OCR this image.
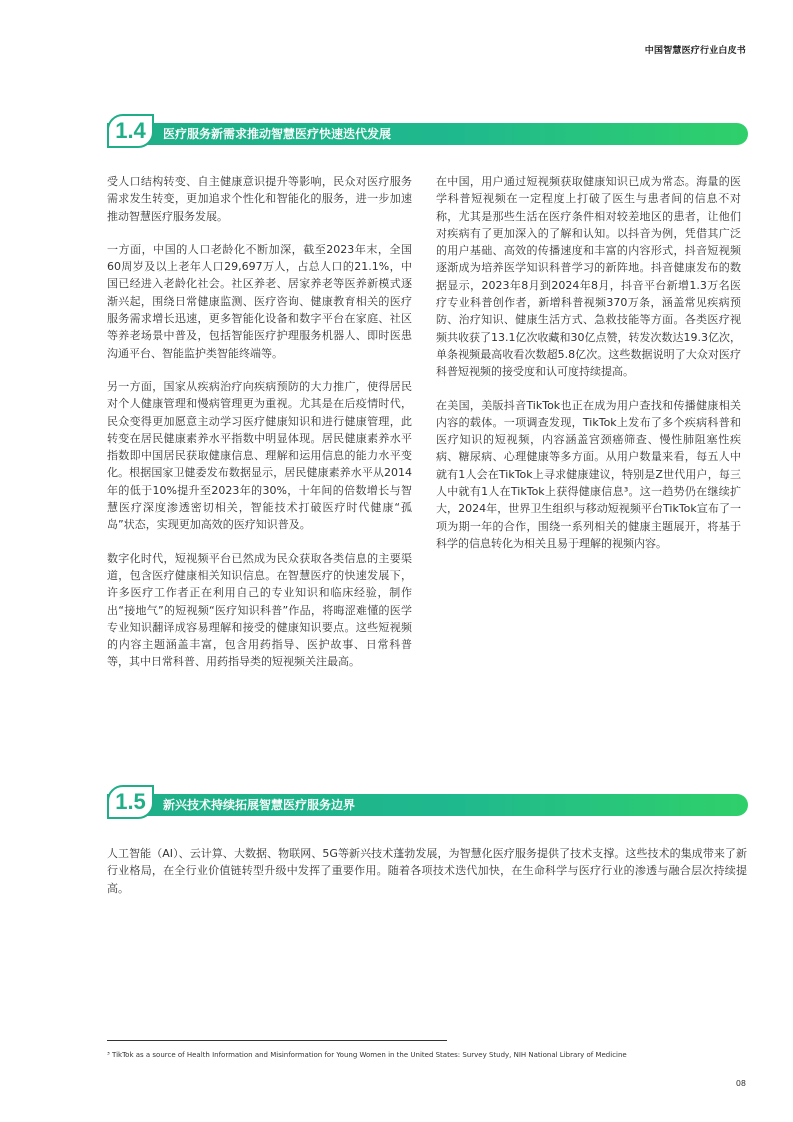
中国智慧医疗行业白皮书
1.4	医疗服务新需求推动智慧医疗快速迭代发展

受人口结构转变、自主健康意识提升等影响，民众对医疗服务需求发生转变，更加追求个性化和智能化的服务，进一步加速推动智慧医疗服务发展。

一方面，中国的人口老龄化不断加深，截至2023年末，全国60周岁及以上老年人口29,697万人，占总人口的21.1%，中国已经进入老龄化社会。社区养老、居家养老等医养新模式逐渐兴起，围绕日常健康监测、医疗咨询、健康教育相关的医疗服务需求增长迅速，更多智能化设备和数字平台在家庭、社区等养老场景中普及，包括智能医疗护理服务机器人、即时医患沟通平台、智能监护类智能终端等。

另一方面，国家从疾病治疗向疾病预防的大力推广，使得居民对个人健康管理和慢病管理更为重视。尤其是在后疫情时代，民众变得更加愿意主动学习医疗健康知识和进行健康管理，此转变在居民健康素养水平指数中明显体现。居民健康素养水平指数即中国居民获取健康信息、理解和运用信息的能力水平变化。根据国家卫健委发布数据显示，居民健康素养水平从2014年的低于10%提升至2023年的30%，十年间的倍数增长与智慧医疗深度渗透密切相关，智能技术打破医疗时代健康“孤岛”状态，实现更加高效的医疗知识普及。

数字化时代，短视频平台已然成为民众获取各类信息的主要渠道，包含医疗健康相关知识信息。在智慧医疗的快速发展下，许多医疗工作者正在利用自己的专业知识和临床经验，制作出“接地气”的短视频“医疗知识科普”作品，将晦涩难懂的医学专业知识翻译成容易理解和接受的健康知识要点。这些短视频的内容主题涵盖丰富，包含用药指导、医护故事、日常科普等，其中日常科普、用药指导类的短视频关注最高。

在中国，用户通过短视频获取健康知识已成为常态。海量的医学科普短视频在一定程度上打破了医生与患者间的信息不对称，尤其是那些生活在医疗条件相对较差地区的患者，让他们对疾病有了更加深入的了解和认知。以抖音为例，凭借其广泛的用户基础、高效的传播速度和丰富的内容形式，抖音短视频逐渐成为培养医学知识科普学习的新阵地。抖音健康发布的数据显示，2023年8月到2024年8月，抖音平台新增1.3万名医疗专业科普创作者，新增科普视频370万条，涵盖常见疾病预防、治疗知识、健康生活方式、急救技能等方面。各类医疗视频共收获了13.1亿次收藏和30亿点赞，转发次数达19.3亿次，单条视频最高收看次数超5.8亿次。这些数据说明了大众对医疗科普短视频的接受度和认可度持续提高。

在美国，美版抖音TikTok也正在成为用户查找和传播健康相关内容的载体。一项调查发现，TikTok上发布了多个疾病科普和医疗知识的短视频，内容涵盖宫颈癌筛查、慢性肺阻塞性疾病、糖尿病、心理健康等多方面。从用户数量来看，每五人中就有1人会在TikTok上寻求健康建议，特别是Z世代用户，每三人中就有1人在TikTok上获得健康信息³。这一趋势仍在继续扩大，2024年，世界卫生组织与移动短视频平台TikTok宣布了一项为期一年的合作，围绕一系列相关的健康主题展开，将基于科学的信息转化为相关且易于理解的视频内容。

1.5	新兴技术持续拓展智慧医疗服务边界

人工智能（AI）、云计算、大数据、物联网、5G等新兴技术蓬勃发展，为智慧化医疗服务提供了技术支撑。这些技术的集成带来了新行业格局，在全行业价值链转型升级中发挥了重要作用。随着各项技术迭代加快，在生命科学与医疗行业的渗透与融合层次持续提高。

³ TikTok as a source of Health Information and Misinformation for Young Women in the United States: Survey Study, NIH National Library of Medicine
08
